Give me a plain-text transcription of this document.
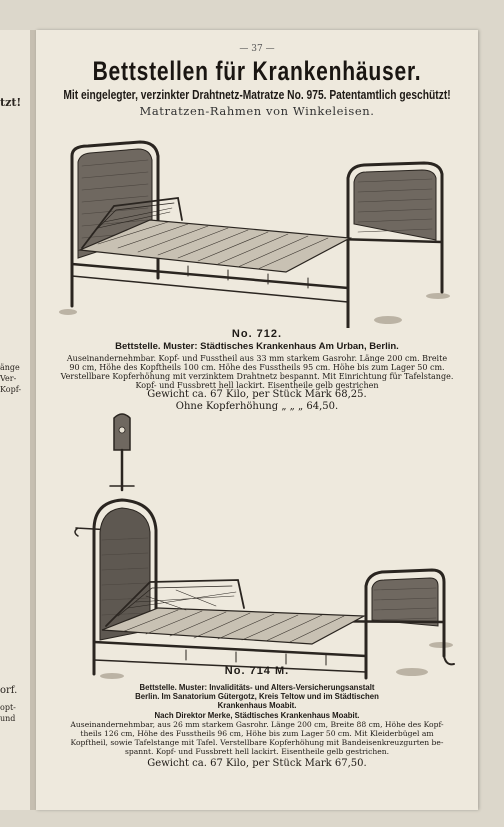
tzt!
änge
Ver-
Kopf-
orf.
opt-
und
— 37 —
Bettstellen für Krankenhäuser.
Mit eingelegter, verzinkter Drahtnetz-Matratze No. 975. Patentamtlich geschützt!
Matratzen-Rahmen von Winkeleisen.
No. 712.
Bettstelle. Muster: Städtisches Krankenhaus Am Urban, Berlin.
Auseinandernehmbar. Kopf- und Fusstheil aus 33 mm starkem Gasrohr. Länge 200 cm. Breite
90 cm, Höhe des Kopftheils 100 cm. Höhe des Fusstheils 95 cm. Höhe bis zum Lager 50 cm.
Verstellbare Kopferhöhung mit verzinktem Drahtnetz bespannt. Mit Einrichtung für Tafelstange.
Kopf- und Fussbrett hell lackirt. Eisentheile gelb gestrichen
Gewicht ca. 67 Kilo, per Stück Mark 68,25.
Ohne Kopferhöhung „ „ „ 64,50.
No. 714 M.
Bettstelle. Muster: Invaliditäts- und Alters-Versicherungsanstalt
Berlin. Im Sanatorium Gütergotz, Kreis Teltow und im Städtischen
Krankenhaus Moabit.
Nach Direktor Merke, Städtisches Krankenhaus Moabit.
Auseinandernehmbar, aus 26 mm starkem Gasrohr. Länge 200 cm, Breite 88 cm, Höhe des Kopf-
theils 126 cm, Höhe des Fusstheils 96 cm, Höhe bis zum Lager 50 cm. Mit Kleiderbügel am
Kopftheil, sowie Tafelstange mit Tafel. Verstellbare Kopferhöhung mit Bandeisenkreuzgurten be-
spannt. Kopf- und Fussbrett hell lackirt. Eisentheile gelb gestrichen.
Gewicht ca. 67 Kilo, per Stück Mark 67,50.
